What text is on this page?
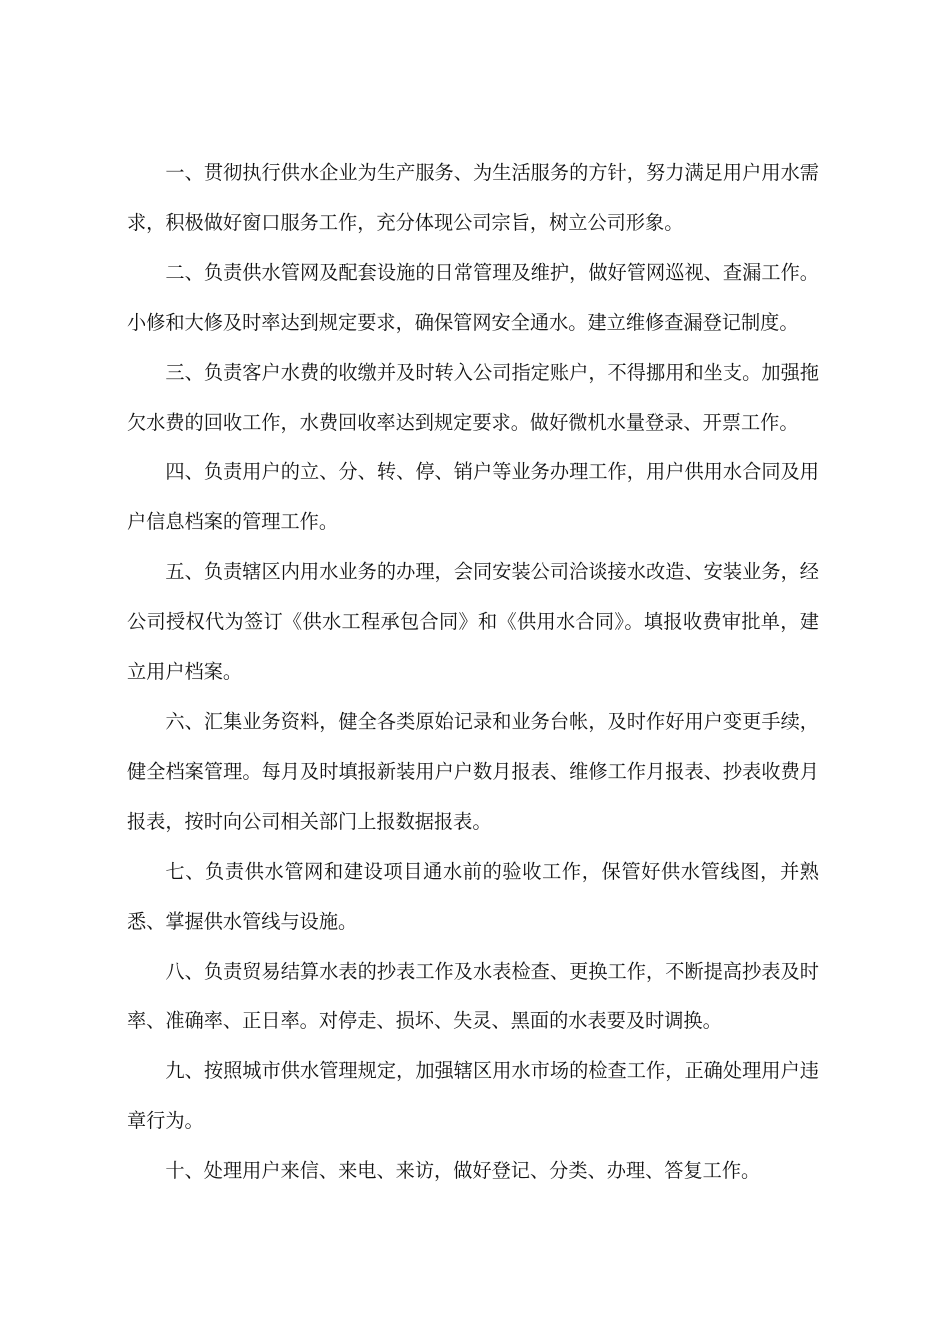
一、贯彻执行供水企业为生产服务、为生活服务的方针，努力满足用户用水需求，积极做好窗口服务工作，充分体现公司宗旨，树立公司形象。

二、负责供水管网及配套设施的日常管理及维护，做好管网巡视、查漏工作。小修和大修及时率达到规定要求，确保管网安全通水。建立维修查漏登记制度。

三、负责客户水费的收缴并及时转入公司指定账户，不得挪用和坐支。加强拖欠水费的回收工作，水费回收率达到规定要求。做好微机水量登录、开票工作。

四、负责用户的立、分、转、停、销户等业务办理工作，用户供用水合同及用户信息档案的管理工作。

五、负责辖区内用水业务的办理，会同安装公司洽谈接水改造、安装业务，经公司授权代为签订《供水工程承包合同》和《供用水合同》。填报收费审批单，建立用户档案。

六、汇集业务资料，健全各类原始记录和业务台帐，及时作好用户变更手续，健全档案管理。每月及时填报新装用户户数月报表、维修工作月报表、抄表收费月报表，按时向公司相关部门上报数据报表。

七、负责供水管网和建设项目通水前的验收工作，保管好供水管线图，并熟悉、掌握供水管线与设施。

八、负责贸易结算水表的抄表工作及水表检查、更换工作，不断提高抄表及时率、准确率、正日率。对停走、损坏、失灵、黑面的水表要及时调换。

九、按照城市供水管理规定，加强辖区用水市场的检查工作，正确处理用户违章行为。

十、处理用户来信、来电、来访，做好登记、分类、办理、答复工作。
